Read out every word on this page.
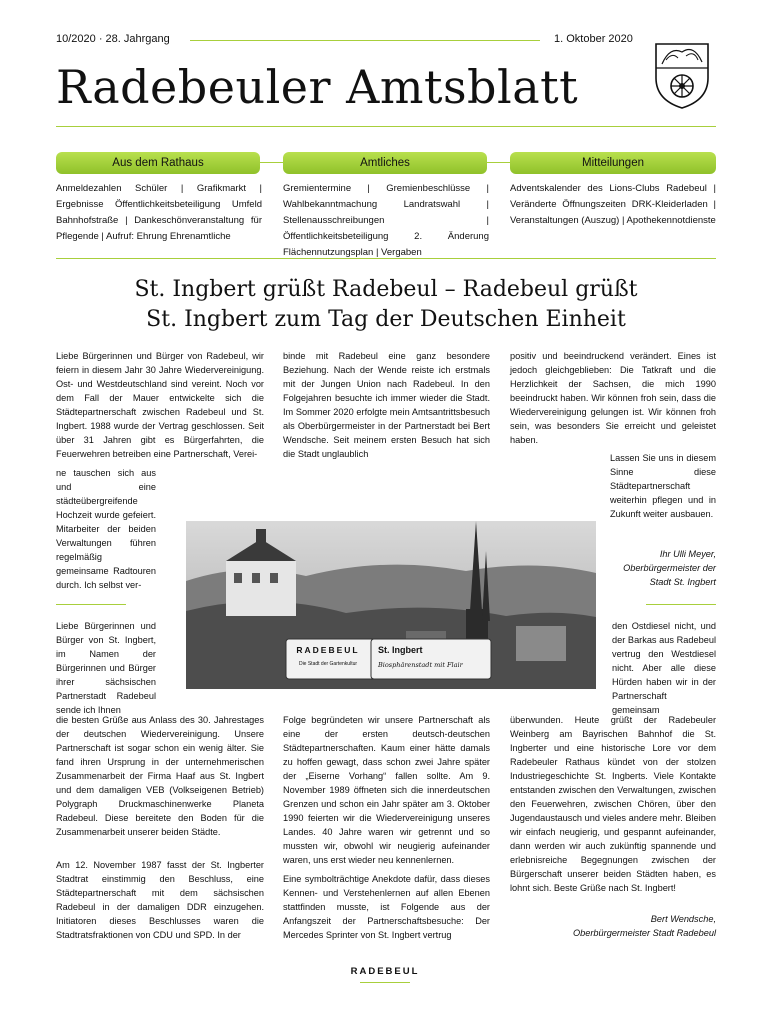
10/2020 · 28. Jahrgang	1. Oktober 2020
Radebeuler Amtsblatt
Aus dem Rathaus	Amtliches	Mitteilungen
Anmeldezahlen Schüler | Grafikmarkt | Ergebnisse Öffentlichkeitsbeteiligung Umfeld Bahnhofstraße | Dankeschönveranstaltung für Pflegende | Aufruf: Ehrung Ehrenamtliche
Gremientermine | Gremienbeschlüsse | Wahlbekanntmachung Landratswahl | Stellenausschreibungen | Öffentlichkeitsbeteiligung 2. Änderung Flächennutzungsplan | Vergaben
Adventskalender des Lions-Clubs Radebeul | Veränderte Öffnungszeiten DRK-Kleiderladen | Veranstaltungen (Auszug) | Apothekennotdienste
St. Ingbert grüßt Radebeul – Radebeul grüßt
St. Ingbert zum Tag der Deutschen Einheit
Liebe Bürgerinnen und Bürger von Radebeul, wir feiern in diesem Jahr 30 Jahre Wiedervereinigung. Ost- und Westdeutschland sind vereint. Noch vor dem Fall der Mauer entwickelte sich die Städtepartnerschaft zwischen Radebeul und St. Ingbert. 1988 wurde der Vertrag geschlossen. Seit über 31 Jahren gibt es Bürgerfahrten, die Feuerwehren betreiben eine Partnerschaft, Verei-
ne tauschen sich aus und eine städteübergreifende Hochzeit wurde gefeiert. Mitarbeiter der beiden Verwaltungen führen regelmäßig gemeinsame Radtouren durch. Ich selbst ver-
binde mit Radebeul eine ganz besondere Beziehung. Nach der Wende reiste ich erstmals mit der Jungen Union nach Radebeul. In den Folgejahren besuchte ich immer wieder die Stadt. Im Sommer 2020 erfolgte mein Amtsantrittsbesuch als Oberbürgermeister in der Partnerstadt bei Bert Wendsche. Seit meinem ersten Besuch hat sich die Stadt unglaublich
positiv und beeindruckend verändert. Eines ist jedoch gleichgeblieben: Die Tatkraft und die Herzlichkeit der Sachsen, die mich 1990 beeindruckt haben. Wir können froh sein, dass die Wiedervereinigung gelungen ist. Wir können froh sein, was besonders Sie erreicht und geleistet haben.
Lassen Sie uns in diesem Sinne diese Städtepartnerschaft weiterhin pflegen und in Zukunft weiter ausbauen.
Ihr Ulli Meyer,
Oberbürgermeister der
Stadt St. Ingbert
RADEBEUL
Die Stadt der Gartenkultur
St. Ingbert
Biosphärenstadt mit Flair
Liebe Bürgerinnen und Bürger von St. Ingbert, im Namen der Bürgerinnen und Bürger ihrer sächsischen Partnerstadt Radebeul sende ich Ihnen
die besten Grüße aus Anlass des 30. Jahrestages der deutschen Wiedervereinigung. Unsere Partnerschaft ist sogar schon ein wenig älter. Sie fand ihren Ursprung in der unternehmerischen Zusammenarbeit der Firma Haaf aus St. Ingbert und dem damaligen VEB (Volkseigenen Betrieb) Polygraph Druckmaschinenwerke Planeta Radebeul. Diese bereitete den Boden für die Zusammenarbeit unserer beiden Städte.
Am 12. November 1987 fasst der St. Ingberter Stadtrat einstimmig den Beschluss, eine Städtepartnerschaft mit dem sächsischen Radebeul in der damaligen DDR einzugehen. Initiatoren dieses Beschlusses waren die Stadtratsfraktionen von CDU und SPD. In der
Folge begründeten wir unsere Partnerschaft als eine der ersten deutsch-deutschen Städtepartnerschaften. Kaum einer hätte damals zu hoffen gewagt, dass schon zwei Jahre später der „Eiserne Vorhang“ fallen sollte. Am 9. November 1989 öffneten sich die innerdeutschen Grenzen und schon ein Jahr später am 3. Oktober 1990 feierten wir die Wiedervereinigung unseres Landes. 40 Jahre waren wir getrennt und so mussten wir, obwohl wir neugierig aufeinander waren, uns erst wieder neu kennenlernen.
Eine symbolträchtige Anekdote dafür, dass dieses Kennen- und Verstehenlernen auf allen Ebenen stattfinden musste, ist Folgende aus der Anfangszeit der Partnerschaftsbesuche: Der Mercedes Sprinter von St. Ingbert vertrug
den Ostdiesel nicht, und der Barkas aus Radebeul vertrug den Westdiesel nicht. Aber alle diese Hürden haben wir in der Partnerschaft gemeinsam
überwunden. Heute grüßt der Radebeuler Weinberg am Bayrischen Bahnhof die St. Ingberter und eine historische Lore vor dem Radebeuler Rathaus kündet von der stolzen Industriegeschichte St. Ingberts. Viele Kontakte entstanden zwischen den Verwaltungen, zwischen den Feuerwehren, zwischen Chören, über den Jugendaustausch und vieles andere mehr. Bleiben wir einfach neugierig, und gespannt aufeinander, dann werden wir auch zukünftig spannende und erlebnisreiche Begegnungen zwischen der Bürgerschaft unserer beiden Städten haben, es lohnt sich. Beste Grüße nach St. Ingbert!
Bert Wendsche,
Oberbürgermeister Stadt Radebeul
RADEBEUL
